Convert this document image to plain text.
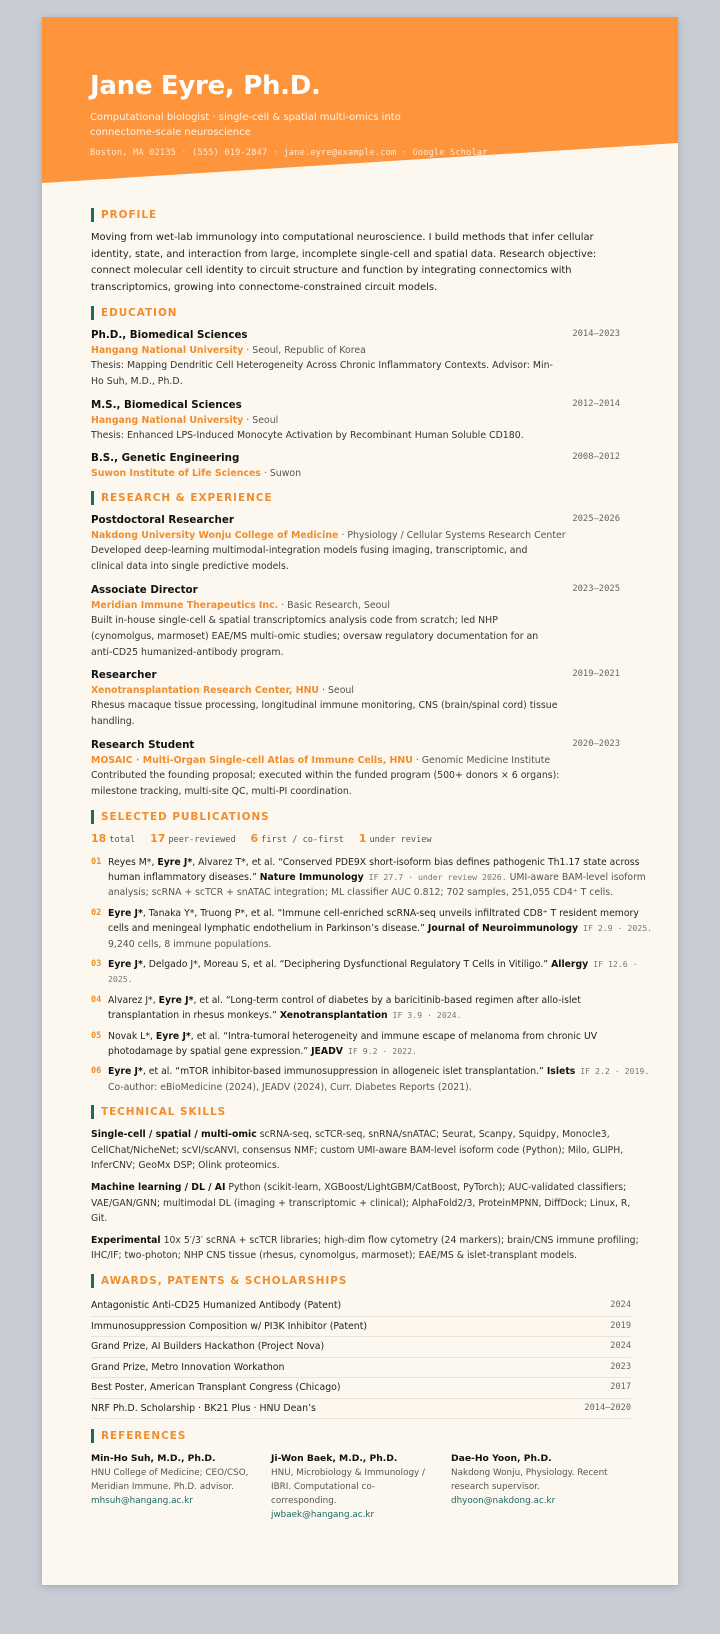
Jane Eyre, Ph.D.
Computational biologist · single-cell & spatial multi-omics into connectome-scale neuroscience
Boston, MA 02135 · (555) 019-2847 · jane.eyre@example.com · Google Scholar
PROFILE
Moving from wet-lab immunology into computational neuroscience. I build methods that infer cellular identity, state, and interaction from large, incomplete single-cell and spatial data. Research objective: connect molecular cell identity to circuit structure and function by integrating connectomics with transcriptomics, growing into connectome-constrained circuit models.
EDUCATION
Ph.D., Biomedical Sciences	2014–2023
Hangang National University · Seoul, Republic of Korea
Thesis: Mapping Dendritic Cell Heterogeneity Across Chronic Inflammatory Contexts. Advisor: Min-Ho Suh, M.D., Ph.D.
M.S., Biomedical Sciences	2012–2014
Hangang National University · Seoul
Thesis: Enhanced LPS-Induced Monocyte Activation by Recombinant Human Soluble CD180.
B.S., Genetic Engineering	2008–2012
Suwon Institute of Life Sciences · Suwon
RESEARCH & EXPERIENCE
Postdoctoral Researcher	2025–2026
Nakdong University Wonju College of Medicine · Physiology / Cellular Systems Research Center
Developed deep-learning multimodal-integration models fusing imaging, transcriptomic, and clinical data into single predictive models.
Associate Director	2023–2025
Meridian Immune Therapeutics Inc. · Basic Research, Seoul
Built in-house single-cell & spatial transcriptomics analysis code from scratch; led NHP (cynomolgus, marmoset) EAE/MS multi-omic studies; oversaw regulatory documentation for an anti-CD25 humanized-antibody program.
Researcher	2019–2021
Xenotransplantation Research Center, HNU · Seoul
Rhesus macaque tissue processing, longitudinal immune monitoring, CNS (brain/spinal cord) tissue handling.
Research Student	2020–2023
MOSAIC · Multi-Organ Single-cell Atlas of Immune Cells, HNU · Genomic Medicine Institute
Contributed the founding proposal; executed within the funded program (500+ donors × 6 organs): milestone tracking, multi-site QC, multi-PI coordination.
SELECTED PUBLICATIONS
18 total 17 peer-reviewed 6 first / co-first 1 under review
01 Reyes M*, Eyre J*, Alvarez T*, et al. “Conserved PDE9X short-isoform bias defines pathogenic Th1.17 state across human inflammatory diseases.” Nature Immunology IF 27.7 · under review 2026. UMI-aware BAM-level isoform analysis; scRNA + scTCR + snATAC integration; ML classifier AUC 0.812; 702 samples, 251,055 CD4⁺ T cells.
02 Eyre J*, Tanaka Y*, Truong P*, et al. “Immune cell-enriched scRNA-seq unveils infiltrated CD8⁺ T resident memory cells and meningeal lymphatic endothelium in Parkinson’s disease.” Journal of Neuroimmunology IF 2.9 · 2025. 9,240 cells, 8 immune populations.
03 Eyre J*, Delgado J*, Moreau S, et al. “Deciphering Dysfunctional Regulatory T Cells in Vitiligo.” Allergy IF 12.6 · 2025.
04 Alvarez J*, Eyre J*, et al. “Long-term control of diabetes by a baricitinib-based regimen after allo-islet transplantation in rhesus monkeys.” Xenotransplantation IF 3.9 · 2024.
05 Novak L*, Eyre J*, et al. “Intra-tumoral heterogeneity and immune escape of melanoma from chronic UV photodamage by spatial gene expression.” JEADV IF 9.2 · 2022.
06 Eyre J*, et al. “mTOR inhibitor-based immunosuppression in allogeneic islet transplantation.” Islets IF 2.2 · 2019. Co-author: eBioMedicine (2024), JEADV (2024), Curr. Diabetes Reports (2021).
TECHNICAL SKILLS
Single-cell / spatial / multi-omic scRNA-seq, scTCR-seq, snRNA/snATAC; Seurat, Scanpy, Squidpy, Monocle3, CellChat/NicheNet; scVI/scANVI, consensus NMF; custom UMI-aware BAM-level isoform code (Python); Milo, GLIPH, InferCNV; GeoMx DSP; Olink proteomics.
Machine learning / DL / AI Python (scikit-learn, XGBoost/LightGBM/CatBoost, PyTorch); AUC-validated classifiers; VAE/GAN/GNN; multimodal DL (imaging + transcriptomic + clinical); AlphaFold2/3, ProteinMPNN, DiffDock; Linux, R, Git.
Experimental 10x 5′/3′ scRNA + scTCR libraries; high-dim flow cytometry (24 markers); brain/CNS immune profiling; IHC/IF; two-photon; NHP CNS tissue (rhesus, cynomolgus, marmoset); EAE/MS & islet-transplant models.
AWARDS, PATENTS & SCHOLARSHIPS
Antagonistic Anti-CD25 Humanized Antibody (Patent)	2024
Immunosuppression Composition w/ PI3K Inhibitor (Patent)	2019
Grand Prize, AI Builders Hackathon (Project Nova)	2024
Grand Prize, Metro Innovation Workathon	2023
Best Poster, American Transplant Congress (Chicago)	2017
NRF Ph.D. Scholarship · BK21 Plus · HNU Dean’s	2014–2020
REFERENCES
Min-Ho Suh, M.D., Ph.D.
HNU College of Medicine; CEO/CSO, Meridian Immune. Ph.D. advisor.
mhsuh@hangang.ac.kr
Ji-Won Baek, M.D., Ph.D.
HNU, Microbiology & Immunology / IBRI. Computational co-corresponding.
jwbaek@hangang.ac.kr
Dae-Ho Yoon, Ph.D.
Nakdong Wonju, Physiology. Recent research supervisor.
dhyoon@nakdong.ac.kr
